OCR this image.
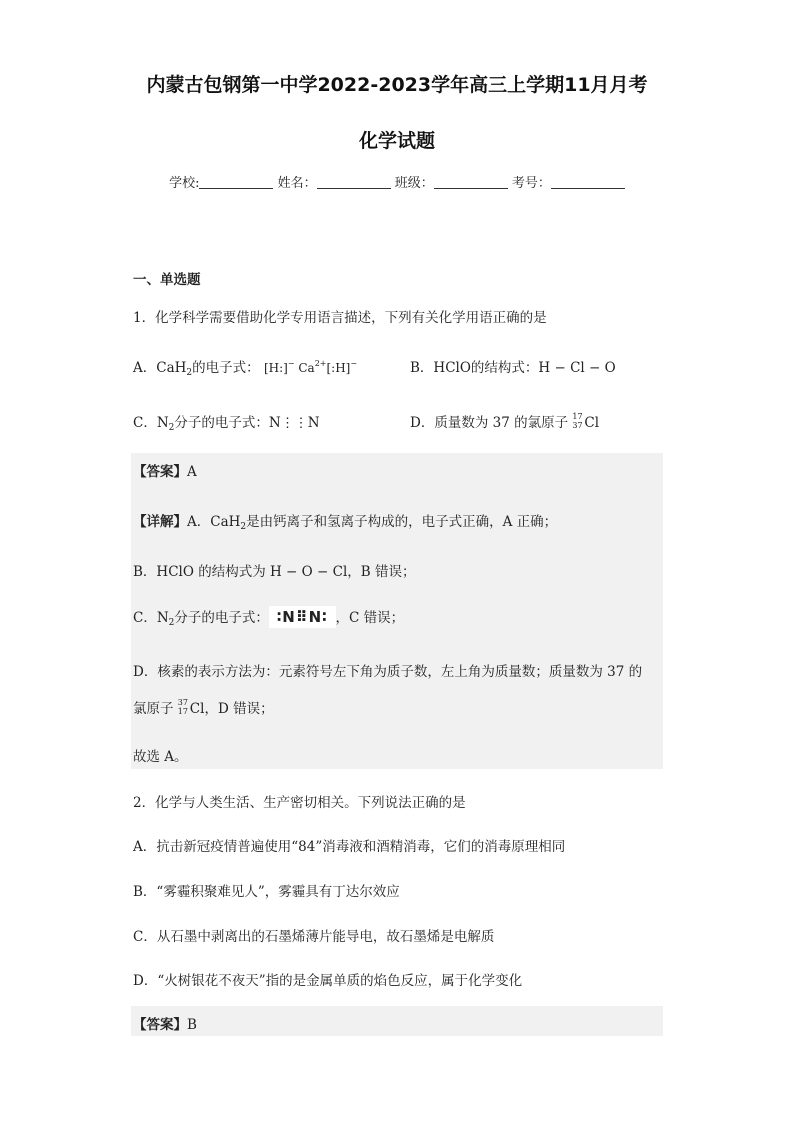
内蒙古包钢第一中学2022-2023学年高三上学期11月月考
化学试题
学校:	姓名：	班级：	考号：
一、单选题
1．化学科学需要借助化学专用语言描述，下列有关化学用语正确的是
A．CaH$_2$的电子式： [H:]− $Ca^{2+}[:H]^-$	B．HClO的结构式：H − Cl − O
C．$N_2$分子的电子式：N⋮⋮N	D．质量数为 37 的氯原子 17
37 Cl
【答案】A
【详解】A．CaH$_2$是由钙离子和氢离子构成的，电子式正确，A 正确；
B．HClO 的结构式为 H − O − Cl，B 错误；
C．$N_2$分子的电子式： ∶N⠿N∶ ，C 错误；
D．核素的表示方法为：元素符号左下角为质子数，左上角为质量数；质量数为 37 的
氯原子 37
17 Cl，D 错误；
故选 A。
2．化学与人类生活、生产密切相关。下列说法正确的是
A．抗击新冠疫情普遍使用“84”消毒液和酒精消毒，它们的消毒原理相同
B．“雾霾积聚难见人”，雾霾具有丁达尔效应
C．从石墨中剥离出的石墨烯薄片能导电，故石墨烯是电解质
D．“火树银花不夜天”指的是金属单质的焰色反应，属于化学变化
【答案】B
